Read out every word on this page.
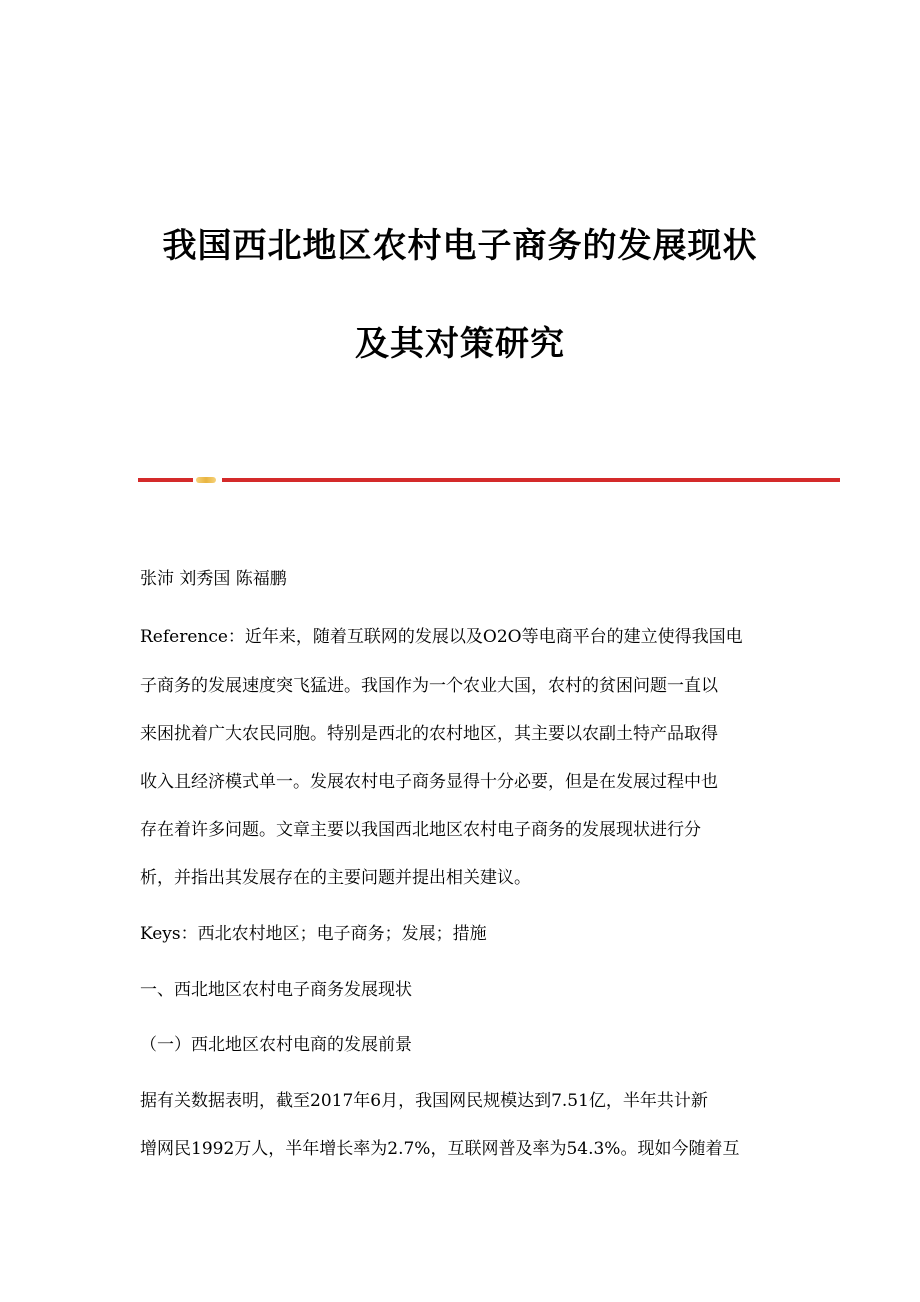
我国西北地区农村电子商务的发展现状
及其对策研究

张沛 刘秀国 陈福鹏

Reference：近年来，随着互联网的发展以及O2O等电商平台的建立使得我国电

子商务的发展速度突飞猛进。我国作为一个农业大国，农村的贫困问题一直以

来困扰着广大农民同胞。特别是西北的农村地区，其主要以农副土特产品取得

收入且经济模式单一。发展农村电子商务显得十分必要，但是在发展过程中也

存在着许多问题。文章主要以我国西北地区农村电子商务的发展现状进行分

析，并指出其发展存在的主要问题并提出相关建议。

Keys：西北农村地区；电子商务；发展；措施

一、西北地区农村电子商务发展现状

（一）西北地区农村电商的发展前景

据有关数据表明，截至2017年6月，我国网民规模达到7.51亿，半年共计新

增网民1992万人，半年增长率为2.7%，互联网普及率为54.3%。现如今随着互
